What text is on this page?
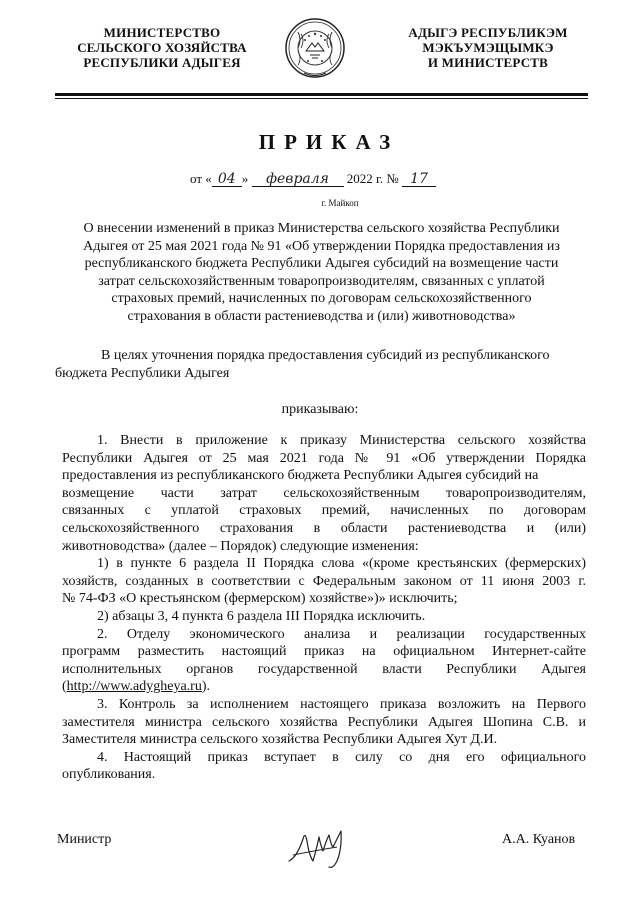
МИНИСТЕРСТВО
СЕЛЬСКОГО ХОЗЯЙСТВА
РЕСПУБЛИКИ АДЫГЕЯ
АДЫГЭ РЕСПУБЛИКЭМ
МЭКЪУМЭЩЫМКЭ
И МИНИСТЕРСТВ
ПРИКАЗ
от « 04 » февраля 2022 г. № 17
г. Майкоп
О внесении изменений в приказ Министерства сельского хозяйства Республики
Адыгея от 25 мая 2021 года № 91 «Об утверждении Порядка предоставления из
республиканского бюджета Республики Адыгея субсидий на возмещение части
затрат сельскохозяйственным товаропроизводителям, связанных с уплатой
страховых премий, начисленных по договорам сельскохозяйственного
страхования в области растениеводства и (или) животноводства»
В целях уточнения порядка предоставления субсидий из республиканского
бюджета Республики Адыгея
приказываю:
1. Внести в приложение к приказу Министерства сельского хозяйства
Республики Адыгея от 25 мая 2021 года № 91 «Об утверждении Порядка
предоставления из республиканского бюджета Республики Адыгея субсидий на
возмещение части затрат сельскохозяйственным товаропроизводителям,
связанных с уплатой страховых премий, начисленных по договорам
сельскохозяйственного страхования в области растениеводства и (или)
животноводства» (далее – Порядок) следующие изменения:
1) в пункте 6 раздела II Порядка слова «(кроме крестьянских (фермерских)
хозяйств, созданных в соответствии с Федеральным законом от 11 июня 2003 г.
№ 74-ФЗ «О крестьянском (фермерском) хозяйстве»)» исключить;
2) абзацы 3, 4 пункта 6 раздела III Порядка исключить.
2. Отделу экономического анализа и реализации государственных
программ разместить настоящий приказ на официальном Интернет-сайте
исполнительных органов государственной власти Республики Адыгея
(http://www.adygheya.ru).
3. Контроль за исполнением настоящего приказа возложить на Первого
заместителя министра сельского хозяйства Республики Адыгея Шопина С.В. и
Заместителя министра сельского хозяйства Республики Адыгея Хут Д.И.
4. Настоящий приказ вступает в силу со дня его официального
опубликования.
Министр	А.А. Куанов
